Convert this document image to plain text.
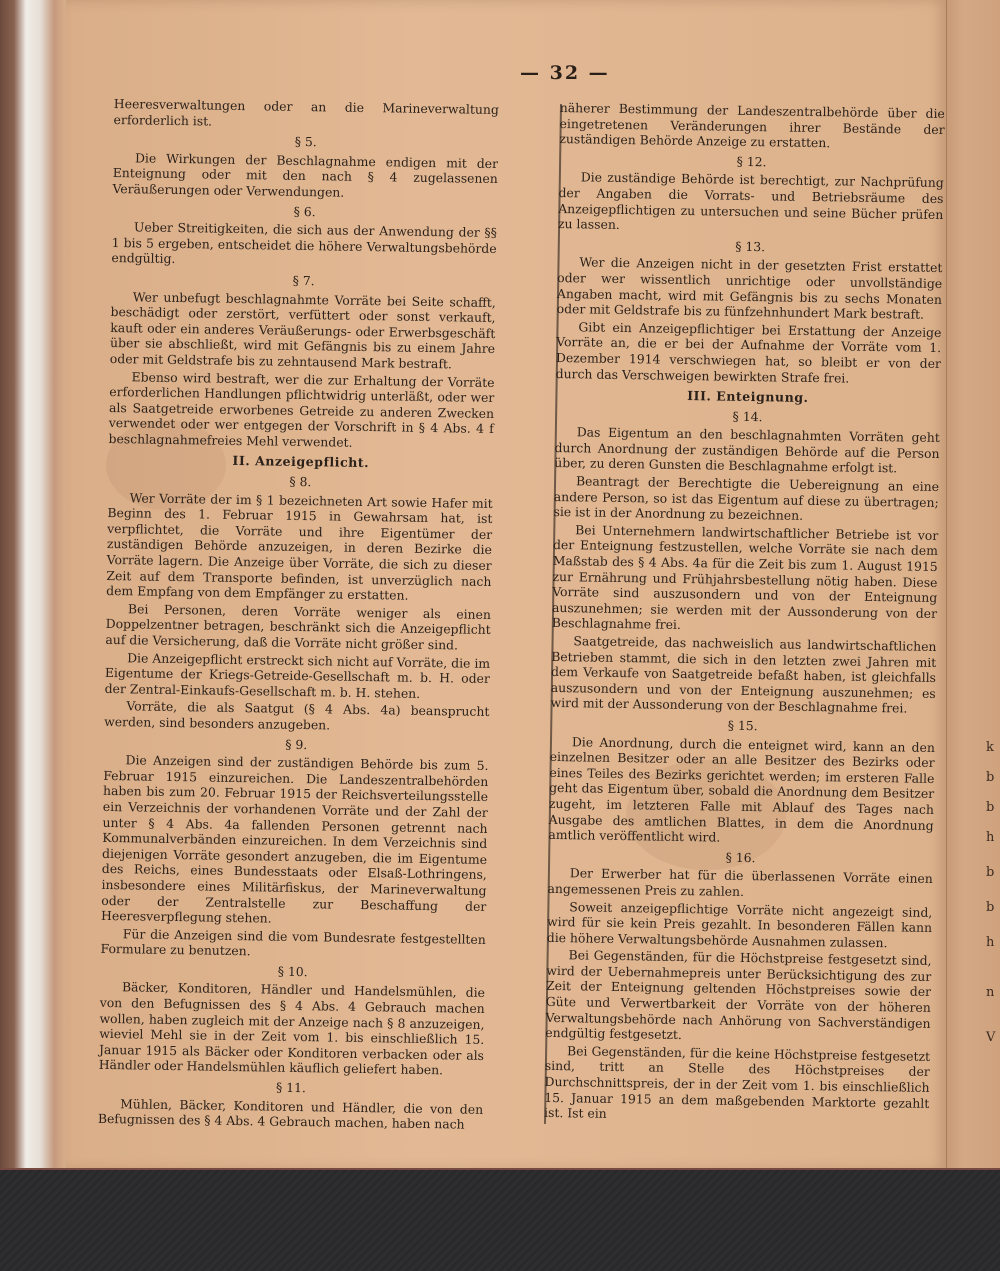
k
b
b
h
b
b
h
n
V
— 32 —
Heeresverwaltungen oder an die Marineverwaltung erforderlich ist.
§ 5.
Die Wirkungen der Beschlagnahme endigen mit der Enteignung oder mit den nach § 4 zugelassenen Veräußerungen oder Verwendungen.
§ 6.
Ueber Streitigkeiten, die sich aus der Anwendung der §§ 1 bis 5 ergeben, entscheidet die höhere Verwaltungsbehörde endgültig.
§ 7.
Wer unbefugt beschlagnahmte Vorräte bei Seite schafft, beschädigt oder zerstört, verfüttert oder sonst verkauft, kauft oder ein anderes Veräußerungs- oder Erwerbsgeschäft über sie abschließt, wird mit Gefängnis bis zu einem Jahre oder mit Geldstrafe bis zu zehntausend Mark bestraft.
Ebenso wird bestraft, wer die zur Erhaltung der Vorräte erforderlichen Handlungen pflichtwidrig unterläßt, oder wer als Saatgetreide erworbenes Getreide zu anderen Zwecken verwendet oder wer entgegen der Vorschrift in § 4 Abs. 4 f beschlagnahmefreies Mehl verwendet.
II. Anzeigepflicht.
§ 8.
Wer Vorräte der im § 1 bezeichneten Art sowie Hafer mit Beginn des 1. Februar 1915 in Gewahrsam hat, ist verpflichtet, die Vorräte und ihre Eigentümer der zuständigen Behörde anzuzeigen, in deren Bezirke die Vorräte lagern. Die Anzeige über Vorräte, die sich zu dieser Zeit auf dem Transporte befinden, ist unverzüglich nach dem Empfang von dem Empfänger zu erstatten.
Bei Personen, deren Vorräte weniger als einen Doppelzentner betragen, beschränkt sich die Anzeigepflicht auf die Versicherung, daß die Vorräte nicht größer sind.
Die Anzeigepflicht erstreckt sich nicht auf Vorräte, die im Eigentume der Kriegs-Getreide-Gesellschaft m. b. H. oder der Zentral-Einkaufs-Gesellschaft m. b. H. stehen.
Vorräte, die als Saatgut (§ 4 Abs. 4a) beansprucht werden, sind besonders anzugeben.
§ 9.
Die Anzeigen sind der zuständigen Behörde bis zum 5. Februar 1915 einzureichen. Die Landeszentralbehörden haben bis zum 20. Februar 1915 der Reichsverteilungsstelle ein Verzeichnis der vorhandenen Vorräte und der Zahl der unter § 4 Abs. 4a fallenden Personen getrennt nach Kommunalverbänden einzureichen. In dem Verzeichnis sind diejenigen Vorräte gesondert anzugeben, die im Eigentume des Reichs, eines Bundesstaats oder Elsaß-Lothringens, insbesondere eines Militärfiskus, der Marineverwaltung oder der Zentralstelle zur Beschaffung der Heeresverpflegung stehen.
Für die Anzeigen sind die vom Bundesrate festgestellten Formulare zu benutzen.
§ 10.
Bäcker, Konditoren, Händler und Handelsmühlen, die von den Befugnissen des § 4 Abs. 4 Gebrauch machen wollen, haben zugleich mit der Anzeige nach § 8 anzuzeigen, wieviel Mehl sie in der Zeit vom 1. bis einschließlich 15. Januar 1915 als Bäcker oder Konditoren verbacken oder als Händler oder Handelsmühlen käuflich geliefert haben.
§ 11.
Mühlen, Bäcker, Konditoren und Händler, die von den Befugnissen des § 4 Abs. 4 Gebrauch machen, haben nach
näherer Bestimmung der Landeszentralbehörde über die eingetretenen Veränderungen ihrer Bestände der zuständigen Behörde Anzeige zu erstatten.
§ 12.
Die zuständige Behörde ist berechtigt, zur Nachprüfung der Angaben die Vorrats- und Betriebsräume des Anzeigepflichtigen zu untersuchen und seine Bücher prüfen zu lassen.
§ 13.
Wer die Anzeigen nicht in der gesetzten Frist erstattet oder wer wissentlich unrichtige oder unvollständige Angaben macht, wird mit Gefängnis bis zu sechs Monaten oder mit Geldstrafe bis zu fünfzehnhundert Mark bestraft.
Gibt ein Anzeigepflichtiger bei Erstattung der Anzeige Vorräte an, die er bei der Aufnahme der Vorräte vom 1. Dezember 1914 verschwiegen hat, so bleibt er von der durch das Verschweigen bewirkten Strafe frei.
III. Enteignung.
§ 14.
Das Eigentum an den beschlagnahmten Vorräten geht durch Anordnung der zuständigen Behörde auf die Person über, zu deren Gunsten die Beschlagnahme erfolgt ist.
Beantragt der Berechtigte die Uebereignung an eine andere Person, so ist das Eigentum auf diese zu übertragen; sie ist in der Anordnung zu bezeichnen.
Bei Unternehmern landwirtschaftlicher Betriebe ist vor der Enteignung festzustellen, welche Vorräte sie nach dem Maßstab des § 4 Abs. 4a für die Zeit bis zum 1. August 1915 zur Ernährung und Frühjahrsbestellung nötig haben. Diese Vorräte sind auszusondern und von der Enteignung auszunehmen; sie werden mit der Aussonderung von der Beschlagnahme frei.
Saatgetreide, das nachweislich aus landwirtschaftlichen Betrieben stammt, die sich in den letzten zwei Jahren mit dem Verkaufe von Saatgetreide befaßt haben, ist gleichfalls auszusondern und von der Enteignung auszunehmen; es wird mit der Aussonderung von der Beschlagnahme frei.
§ 15.
Die Anordnung, durch die enteignet wird, kann an den einzelnen Besitzer oder an alle Besitzer des Bezirks oder eines Teiles des Bezirks gerichtet werden; im ersteren Falle geht das Eigentum über, sobald die Anordnung dem Besitzer zugeht, im letzteren Falle mit Ablauf des Tages nach Ausgabe des amtlichen Blattes, in dem die Anordnung amtlich veröffentlicht wird.
§ 16.
Der Erwerber hat für die überlassenen Vorräte einen angemessenen Preis zu zahlen.
Soweit anzeigepflichtige Vorräte nicht angezeigt sind, wird für sie kein Preis gezahlt. In besonderen Fällen kann die höhere Verwaltungsbehörde Ausnahmen zulassen.
Bei Gegenständen, für die Höchstpreise festgesetzt sind, wird der Uebernahmepreis unter Berücksichtigung des zur Zeit der Enteignung geltenden Höchstpreises sowie der Güte und Verwertbarkeit der Vorräte von der höheren Verwaltungsbehörde nach Anhörung von Sachverständigen endgültig festgesetzt.
Bei Gegenständen, für die keine Höchstpreise festgesetzt sind, tritt an Stelle des Höchstpreises der Durchschnittspreis, der in der Zeit vom 1. bis einschließlich 15. Januar 1915 an dem maßgebenden Marktorte gezahlt ist. Ist ein
